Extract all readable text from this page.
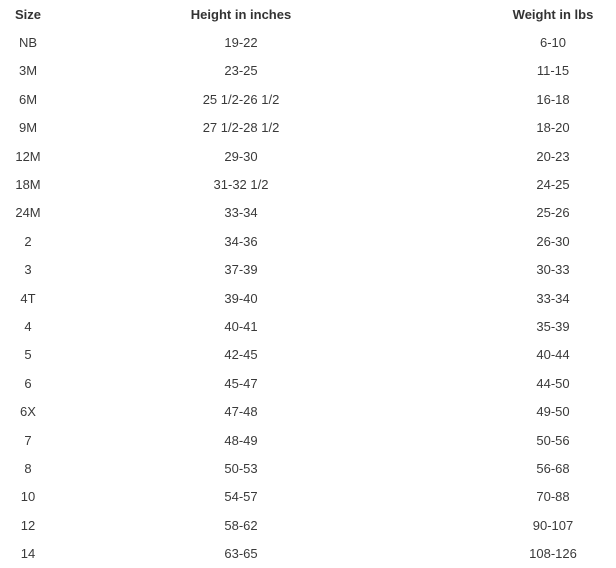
Size	Height in inches	Weight in lbs
NB	19-22	6-10
3M	23-25	11-15
6M	25 1/2-26 1/2	16-18
9M	27 1/2-28 1/2	18-20
12M	29-30	20-23
18M	31-32 1/2	24-25
24M	33-34	25-26
2	34-36	26-30
3	37-39	30-33
4T	39-40	33-34
4	40-41	35-39
5	42-45	40-44
6	45-47	44-50
6X	47-48	49-50
7	48-49	50-56
8	50-53	56-68
10	54-57	70-88
12	58-62	90-107
14	63-65	108-126
